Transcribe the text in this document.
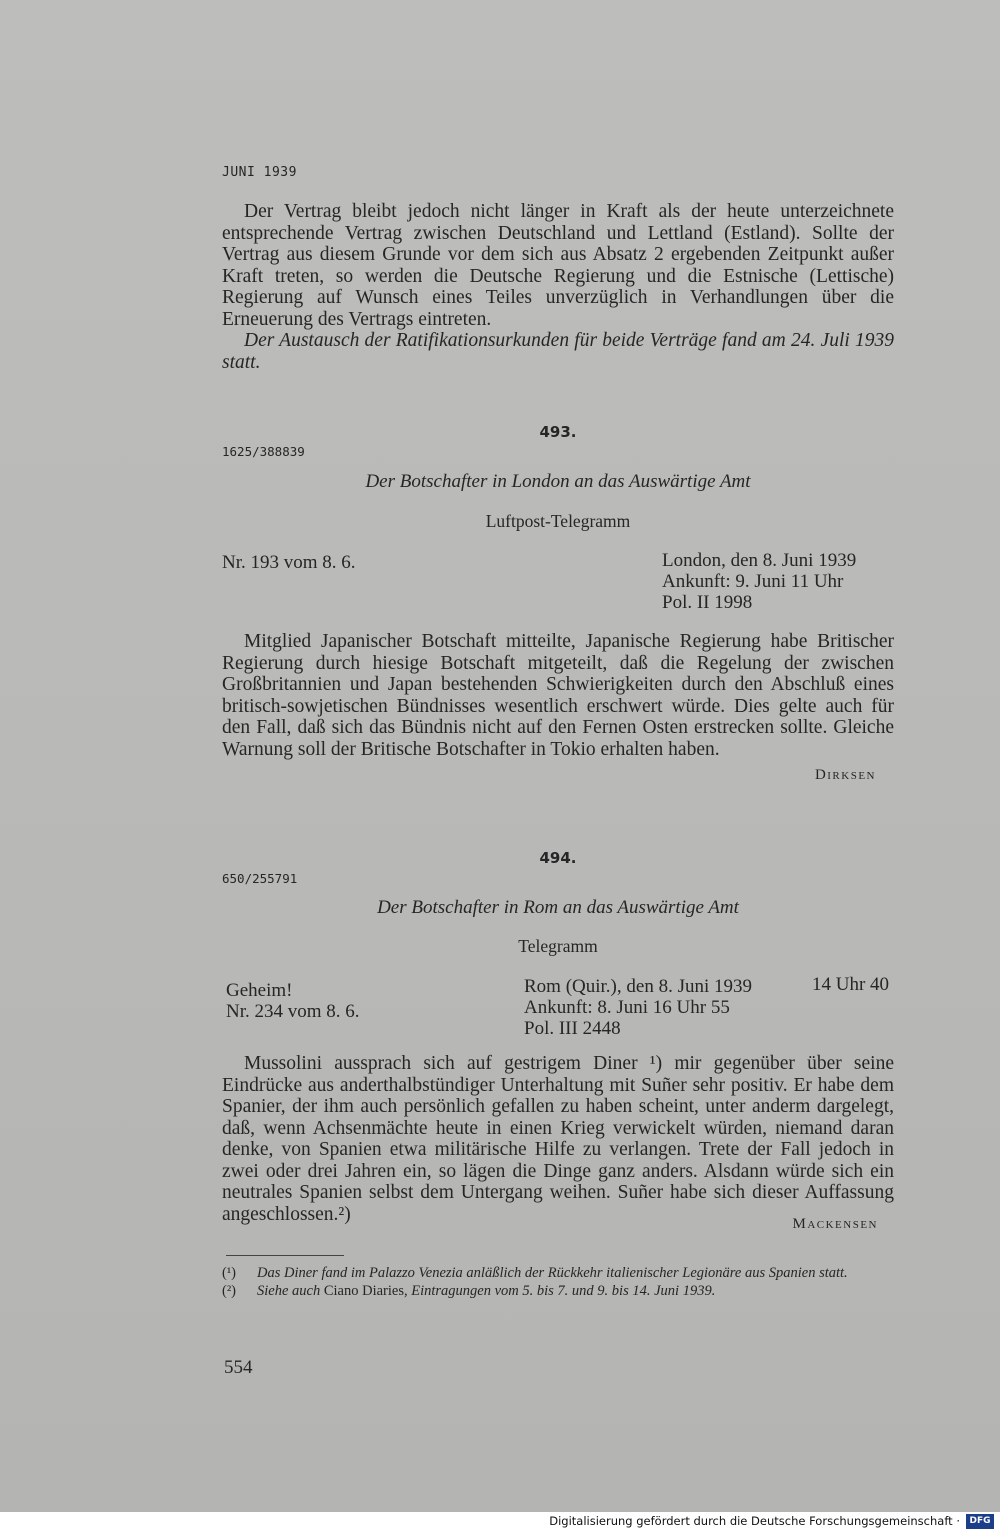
JUNI 1939

Der Vertrag bleibt jedoch nicht länger in Kraft als der heute unterzeichnete entsprechende Vertrag zwischen Deutschland und Lettland (Estland). Sollte der Vertrag aus diesem Grunde vor dem sich aus Absatz 2 ergebenden Zeitpunkt außer Kraft treten, so werden die Deutsche Regierung und die Estnische (Lettische) Regierung auf Wunsch eines Teiles unverzüglich in Verhandlungen über die Erneuerung des Vertrags eintreten.

Der Austausch der Ratifikationsurkunden für beide Verträge fand am 24. Juli 1939 statt.

493.
1625/388839
Der Botschafter in London an das Auswärtige Amt
Luftpost-Telegramm
Nr. 193 vom 8. 6.	London, den 8. Juni 1939
Ankunft: 9. Juni 11 Uhr
Pol. II 1998

Mitglied Japanischer Botschaft mitteilte, Japanische Regierung habe Britischer Regierung durch hiesige Botschaft mitgeteilt, daß die Regelung der zwischen Großbritannien und Japan bestehenden Schwierigkeiten durch den Abschluß eines britisch-sowjetischen Bündnisses wesentlich erschwert würde. Dies gelte auch für den Fall, daß sich das Bündnis nicht auf den Fernen Osten erstrecken sollte. Gleiche Warnung soll der Britische Botschafter in Tokio erhalten haben.

Dirksen
494.
650/255791
Der Botschafter in Rom an das Auswärtige Amt
Telegramm
Geheim!
Nr. 234 vom 8. 6.
Rom (Quir.), den 8. Juni 1939
Ankunft: 8. Juni 16 Uhr 55
Pol. III 2448
14 Uhr 40

Mussolini aussprach sich auf gestrigem Diner ¹) mir gegenüber über seine Eindrücke aus anderthalbstündiger Unterhaltung mit Suñer sehr positiv. Er habe dem Spanier, der ihm auch persönlich gefallen zu haben scheint, unter anderm dargelegt, daß, wenn Achsenmächte heute in einen Krieg verwickelt würden, niemand daran denke, von Spanien etwa militärische Hilfe zu verlangen. Trete der Fall jedoch in zwei oder drei Jahren ein, so lägen die Dinge ganz anders. Alsdann würde sich ein neutrales Spanien selbst dem Untergang weihen. Suñer habe sich dieser Auffassung angeschlossen.²)	Mackensen
(¹)	Das Diner fand im Palazzo Venezia anläßlich der Rückkehr italienischer Legionäre aus Spanien statt.
(²)	Siehe auch Ciano Diaries, Eintragungen vom 5. bis 7. und 9. bis 14. Juni 1939.
554
Digitalisierung gefördert durch die Deutsche Forschungsgemeinschaft ·	DFG
